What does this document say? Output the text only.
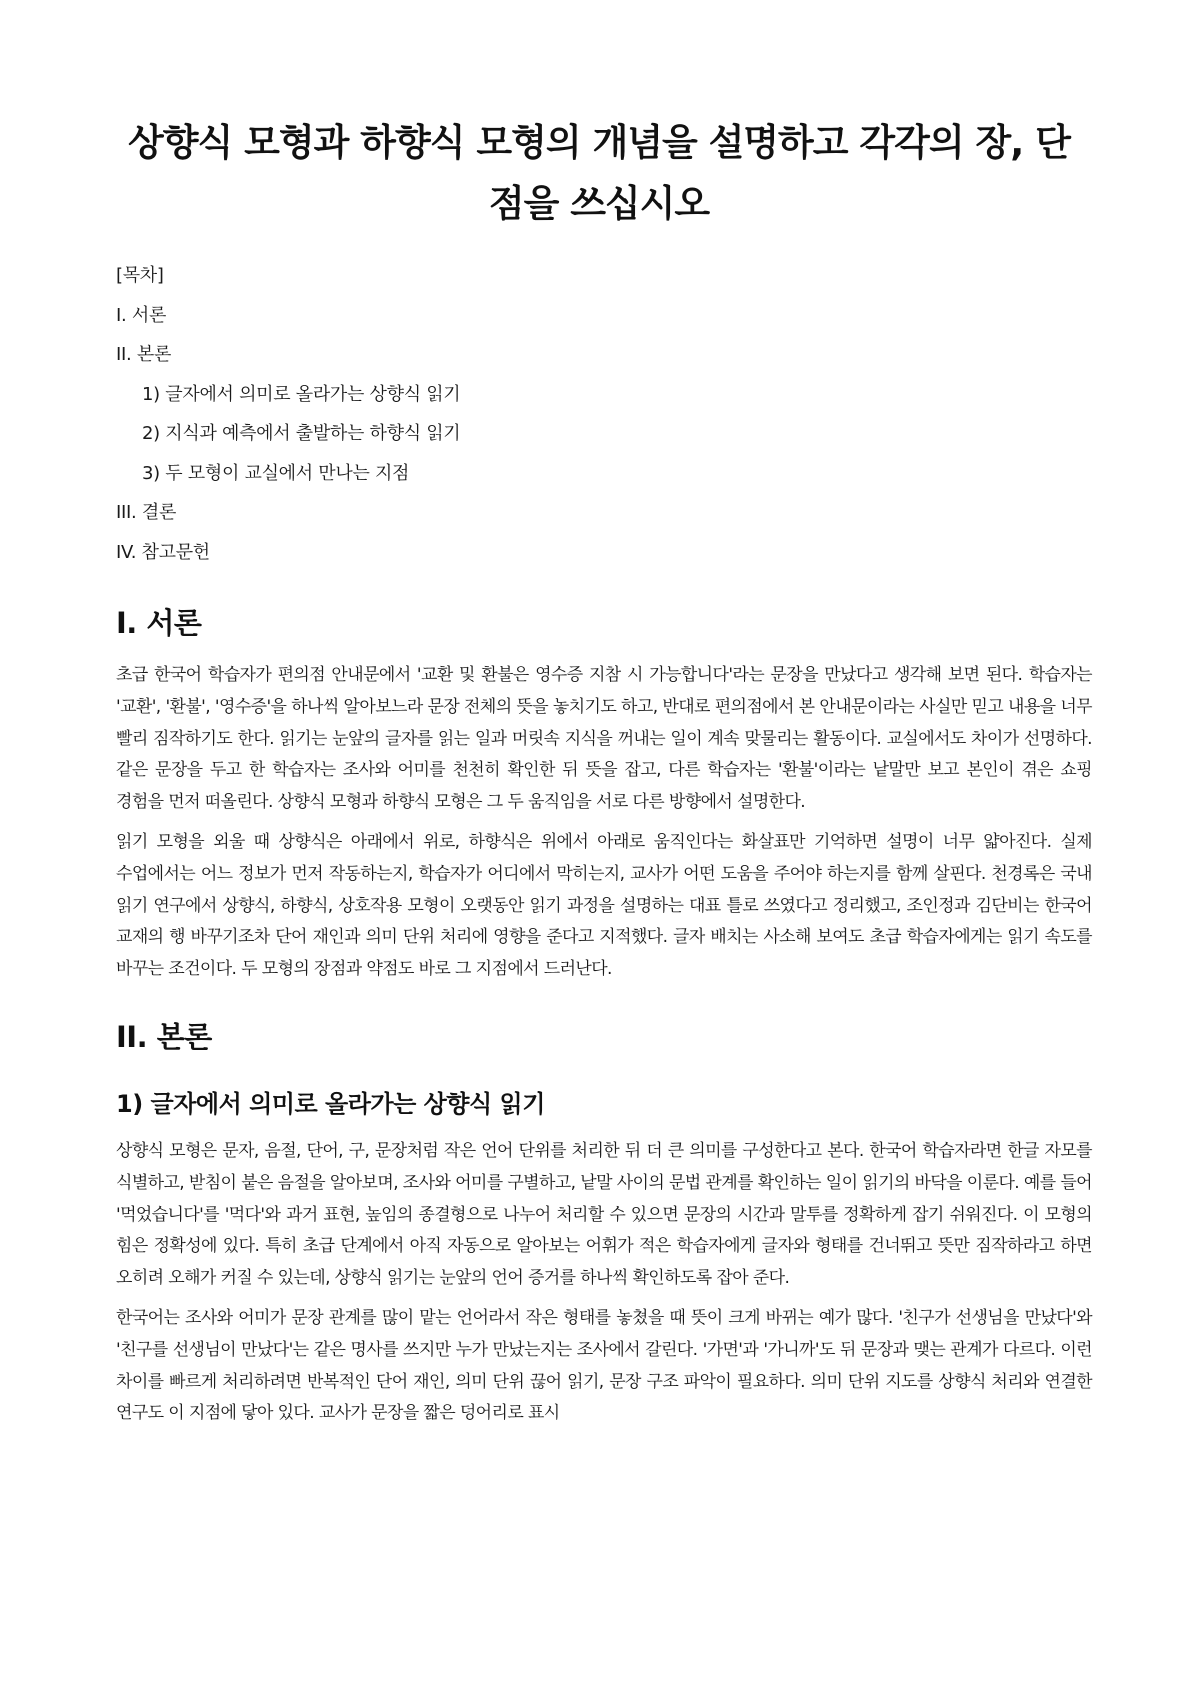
상향식 모형과 하향식 모형의 개념을 설명하고 각각의 장, 단점을 쓰십시오
[목차]
I. 서론
II. 본론
1) 글자에서 의미로 올라가는 상향식 읽기
2) 지식과 예측에서 출발하는 하향식 읽기
3) 두 모형이 교실에서 만나는 지점
III. 결론
IV. 참고문헌
I. 서론

초급 한국어 학습자가 편의점 안내문에서 '교환 및 환불은 영수증 지참 시 가능합니다'라는 문장을 만났다고 생각해 보면 된다. 학습자는 '교환', '환불', '영수증'을 하나씩 알아보느라 문장 전체의 뜻을 놓치기도 하고, 반대로 편의점에서 본 안내문이라는 사실만 믿고 내용을 너무 빨리 짐작하기도 한다. 읽기는 눈앞의 글자를 읽는 일과 머릿속 지식을 꺼내는 일이 계속 맞물리는 활동이다. 교실에서도 차이가 선명하다. 같은 문장을 두고 한 학습자는 조사와 어미를 천천히 확인한 뒤 뜻을 잡고, 다른 학습자는 '환불'이라는 낱말만 보고 본인이 겪은 쇼핑 경험을 먼저 떠올린다. 상향식 모형과 하향식 모형은 그 두 움직임을 서로 다른 방향에서 설명한다.

읽기 모형을 외울 때 상향식은 아래에서 위로, 하향식은 위에서 아래로 움직인다는 화살표만 기억하면 설명이 너무 얇아진다. 실제 수업에서는 어느 정보가 먼저 작동하는지, 학습자가 어디에서 막히는지, 교사가 어떤 도움을 주어야 하는지를 함께 살핀다. 천경록은 국내 읽기 연구에서 상향식, 하향식, 상호작용 모형이 오랫동안 읽기 과정을 설명하는 대표 틀로 쓰였다고 정리했고, 조인정과 김단비는 한국어 교재의 행 바꾸기조차 단어 재인과 의미 단위 처리에 영향을 준다고 지적했다. 글자 배치는 사소해 보여도 초급 학습자에게는 읽기 속도를 바꾸는 조건이다. 두 모형의 장점과 약점도 바로 그 지점에서 드러난다.

II. 본론
1) 글자에서 의미로 올라가는 상향식 읽기

상향식 모형은 문자, 음절, 단어, 구, 문장처럼 작은 언어 단위를 처리한 뒤 더 큰 의미를 구성한다고 본다. 한국어 학습자라면 한글 자모를 식별하고, 받침이 붙은 음절을 알아보며, 조사와 어미를 구별하고, 낱말 사이의 문법 관계를 확인하는 일이 읽기의 바닥을 이룬다. 예를 들어 '먹었습니다'를 '먹다'와 과거 표현, 높임의 종결형으로 나누어 처리할 수 있으면 문장의 시간과 말투를 정확하게 잡기 쉬워진다. 이 모형의 힘은 정확성에 있다. 특히 초급 단계에서 아직 자동으로 알아보는 어휘가 적은 학습자에게 글자와 형태를 건너뛰고 뜻만 짐작하라고 하면 오히려 오해가 커질 수 있는데, 상향식 읽기는 눈앞의 언어 증거를 하나씩 확인하도록 잡아 준다.

한국어는 조사와 어미가 문장 관계를 많이 맡는 언어라서 작은 형태를 놓쳤을 때 뜻이 크게 바뀌는 예가 많다. '친구가 선생님을 만났다'와 '친구를 선생님이 만났다'는 같은 명사를 쓰지만 누가 만났는지는 조사에서 갈린다. '가면'과 '가니까'도 뒤 문장과 맺는 관계가 다르다. 이런 차이를 빠르게 처리하려면 반복적인 단어 재인, 의미 단위 끊어 읽기, 문장 구조 파악이 필요하다. 의미 단위 지도를 상향식 처리와 연결한 연구도 이 지점에 닿아 있다. 교사가 문장을 짧은 덩어리로 표시
